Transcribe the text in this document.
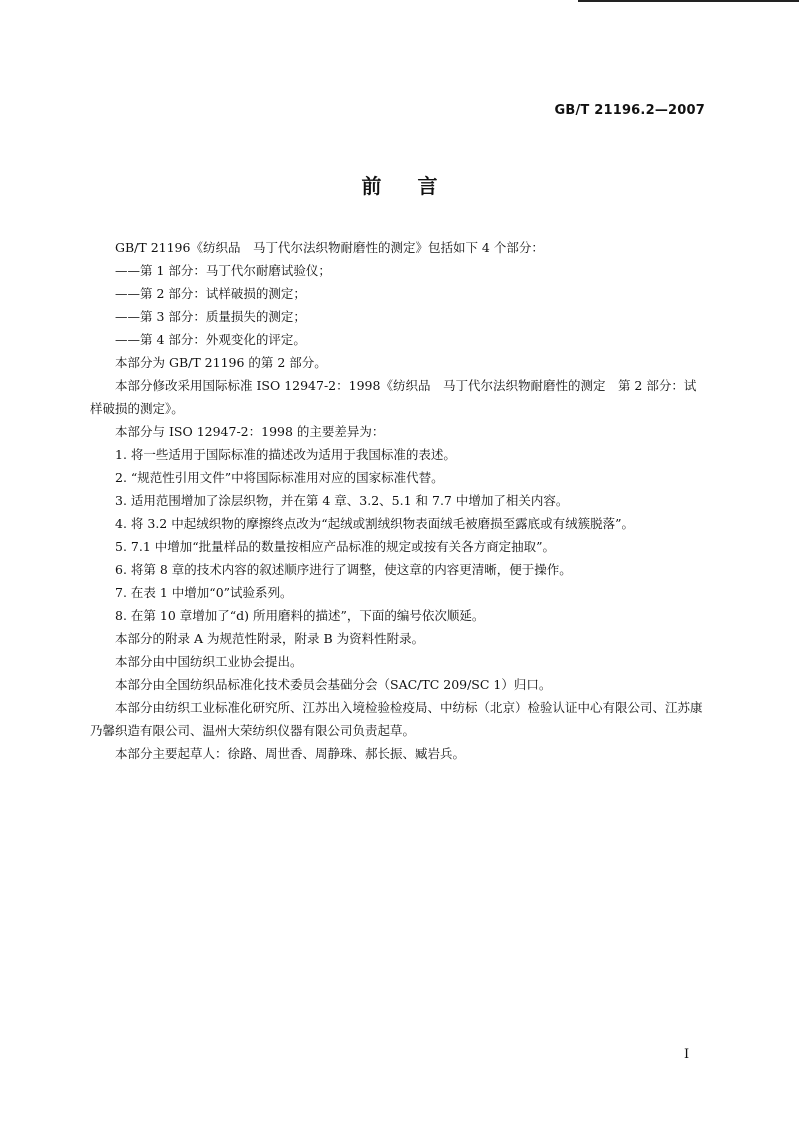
GB/T 21196.2—2007
前言

GB/T 21196《纺织品　马丁代尔法织物耐磨性的测定》包括如下 4 个部分：

——第 1 部分：马丁代尔耐磨试验仪；

——第 2 部分：试样破损的测定；

——第 3 部分：质量损失的测定；

——第 4 部分：外观变化的评定。

本部分为 GB/T 21196 的第 2 部分。

本部分修改采用国际标准 ISO 12947-2：1998《纺织品　马丁代尔法织物耐磨性的测定　第 2 部分：试样破损的测定》。

本部分与 ISO 12947-2：1998 的主要差异为：

1. 将一些适用于国际标准的描述改为适用于我国标准的表述。

2. “规范性引用文件”中将国际标准用对应的国家标准代替。

3. 适用范围增加了涂层织物，并在第 4 章、3.2、5.1 和 7.7 中增加了相关内容。

4. 将 3.2 中起绒织物的摩擦终点改为“起绒或割绒织物表面绒毛被磨损至露底或有绒簇脱落”。

5. 7.1 中增加“批量样品的数量按相应产品标准的规定或按有关各方商定抽取”。

6. 将第 8 章的技术内容的叙述顺序进行了调整，使这章的内容更清晰，便于操作。

7. 在表 1 中增加“0”试验系列。

8. 在第 10 章增加了“d) 所用磨料的描述”，下面的编号依次顺延。

本部分的附录 A 为规范性附录，附录 B 为资料性附录。

本部分由中国纺织工业协会提出。

本部分由全国纺织品标准化技术委员会基础分会（SAC/TC 209/SC 1）归口。

本部分由纺织工业标准化研究所、江苏出入境检验检疫局、中纺标（北京）检验认证中心有限公司、江苏康乃馨织造有限公司、温州大荣纺织仪器有限公司负责起草。

本部分主要起草人：徐路、周世香、周静珠、郝长振、臧岩兵。

I
